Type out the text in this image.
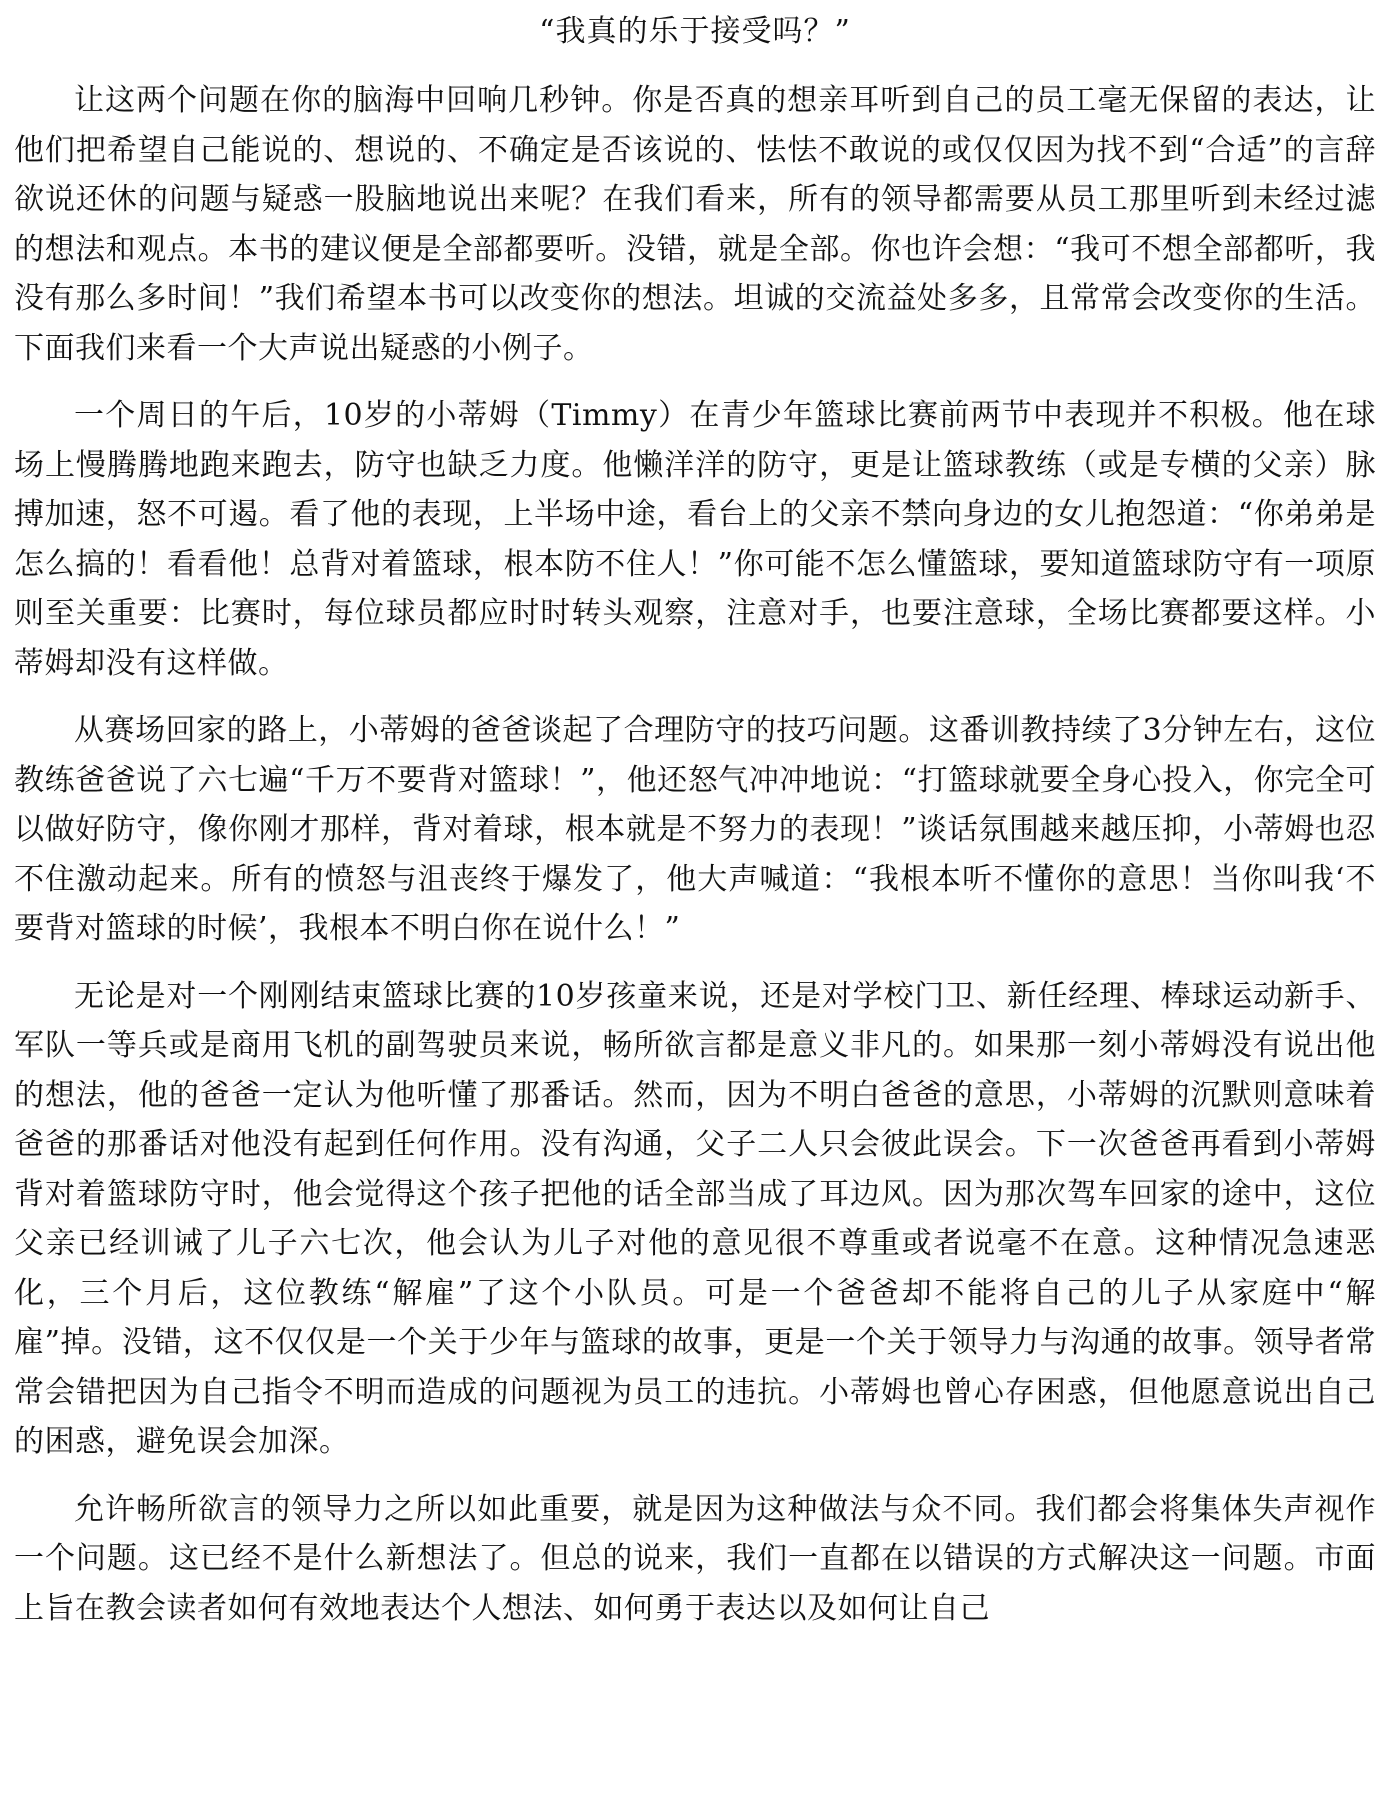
“我真的乐于接受吗？”

让这两个问题在你的脑海中回响几秒钟。你是否真的想亲耳听到自己的员工毫无保留的表达，让他们把希望自己能说的、想说的、不确定是否该说的、怯怯不敢说的或仅仅因为找不到“合适”的言辞欲说还休的问题与疑惑一股脑地说出来呢？在我们看来，所有的领导都需要从员工那里听到未经过滤的想法和观点。本书的建议便是全部都要听。没错，就是全部。你也许会想：“我可不想全部都听，我没有那么多时间！”我们希望本书可以改变你的想法。坦诚的交流益处多多，且常常会改变你的生活。下面我们来看一个大声说出疑惑的小例子。

一个周日的午后，10岁的小蒂姆（Timmy）在青少年篮球比赛前两节中表现并不积极。他在球场上慢腾腾地跑来跑去，防守也缺乏力度。他懒洋洋的防守，更是让篮球教练（或是专横的父亲）脉搏加速，怒不可遏。看了他的表现，上半场中途，看台上的父亲不禁向身边的女儿抱怨道：“你弟弟是怎么搞的！看看他！总背对着篮球，根本防不住人！”你可能不怎么懂篮球，要知道篮球防守有一项原则至关重要：比赛时，每位球员都应时时转头观察，注意对手，也要注意球，全场比赛都要这样。小蒂姆却没有这样做。

从赛场回家的路上，小蒂姆的爸爸谈起了合理防守的技巧问题。这番训教持续了3分钟左右，这位教练爸爸说了六七遍“千万不要背对篮球！”，他还怒气冲冲地说：“打篮球就要全身心投入，你完全可以做好防守，像你刚才那样，背对着球，根本就是不努力的表现！”谈话氛围越来越压抑，小蒂姆也忍不住激动起来。所有的愤怒与沮丧终于爆发了，他大声喊道：“我根本听不懂你的意思！当你叫我‘不要背对篮球的时候’，我根本不明白你在说什么！”

无论是对一个刚刚结束篮球比赛的10岁孩童来说，还是对学校门卫、新任经理、棒球运动新手、军队一等兵或是商用飞机的副驾驶员来说，畅所欲言都是意义非凡的。如果那一刻小蒂姆没有说出他的想法，他的爸爸一定认为他听懂了那番话。然而，因为不明白爸爸的意思，小蒂姆的沉默则意味着爸爸的那番话对他没有起到任何作用。没有沟通，父子二人只会彼此误会。下一次爸爸再看到小蒂姆背对着篮球防守时，他会觉得这个孩子把他的话全部当成了耳边风。因为那次驾车回家的途中，这位父亲已经训诫了儿子六七次，他会认为儿子对他的意见很不尊重或者说毫不在意。这种情况急速恶化，三个月后，这位教练“解雇”了这个小队员。可是一个爸爸却不能将自己的儿子从家庭中“解雇”掉。没错，这不仅仅是一个关于少年与篮球的故事，更是一个关于领导力与沟通的故事。领导者常常会错把因为自己指令不明而造成的问题视为员工的违抗。小蒂姆也曾心存困惑，但他愿意说出自己的困惑，避免误会加深。

允许畅所欲言的领导力之所以如此重要，就是因为这种做法与众不同。我们都会将集体失声视作一个问题。这已经不是什么新想法了。但总的说来，我们一直都在以错误的方式解决这一问题。市面上旨在教会读者如何有效地表达个人想法、如何勇于表达以及如何让自己
